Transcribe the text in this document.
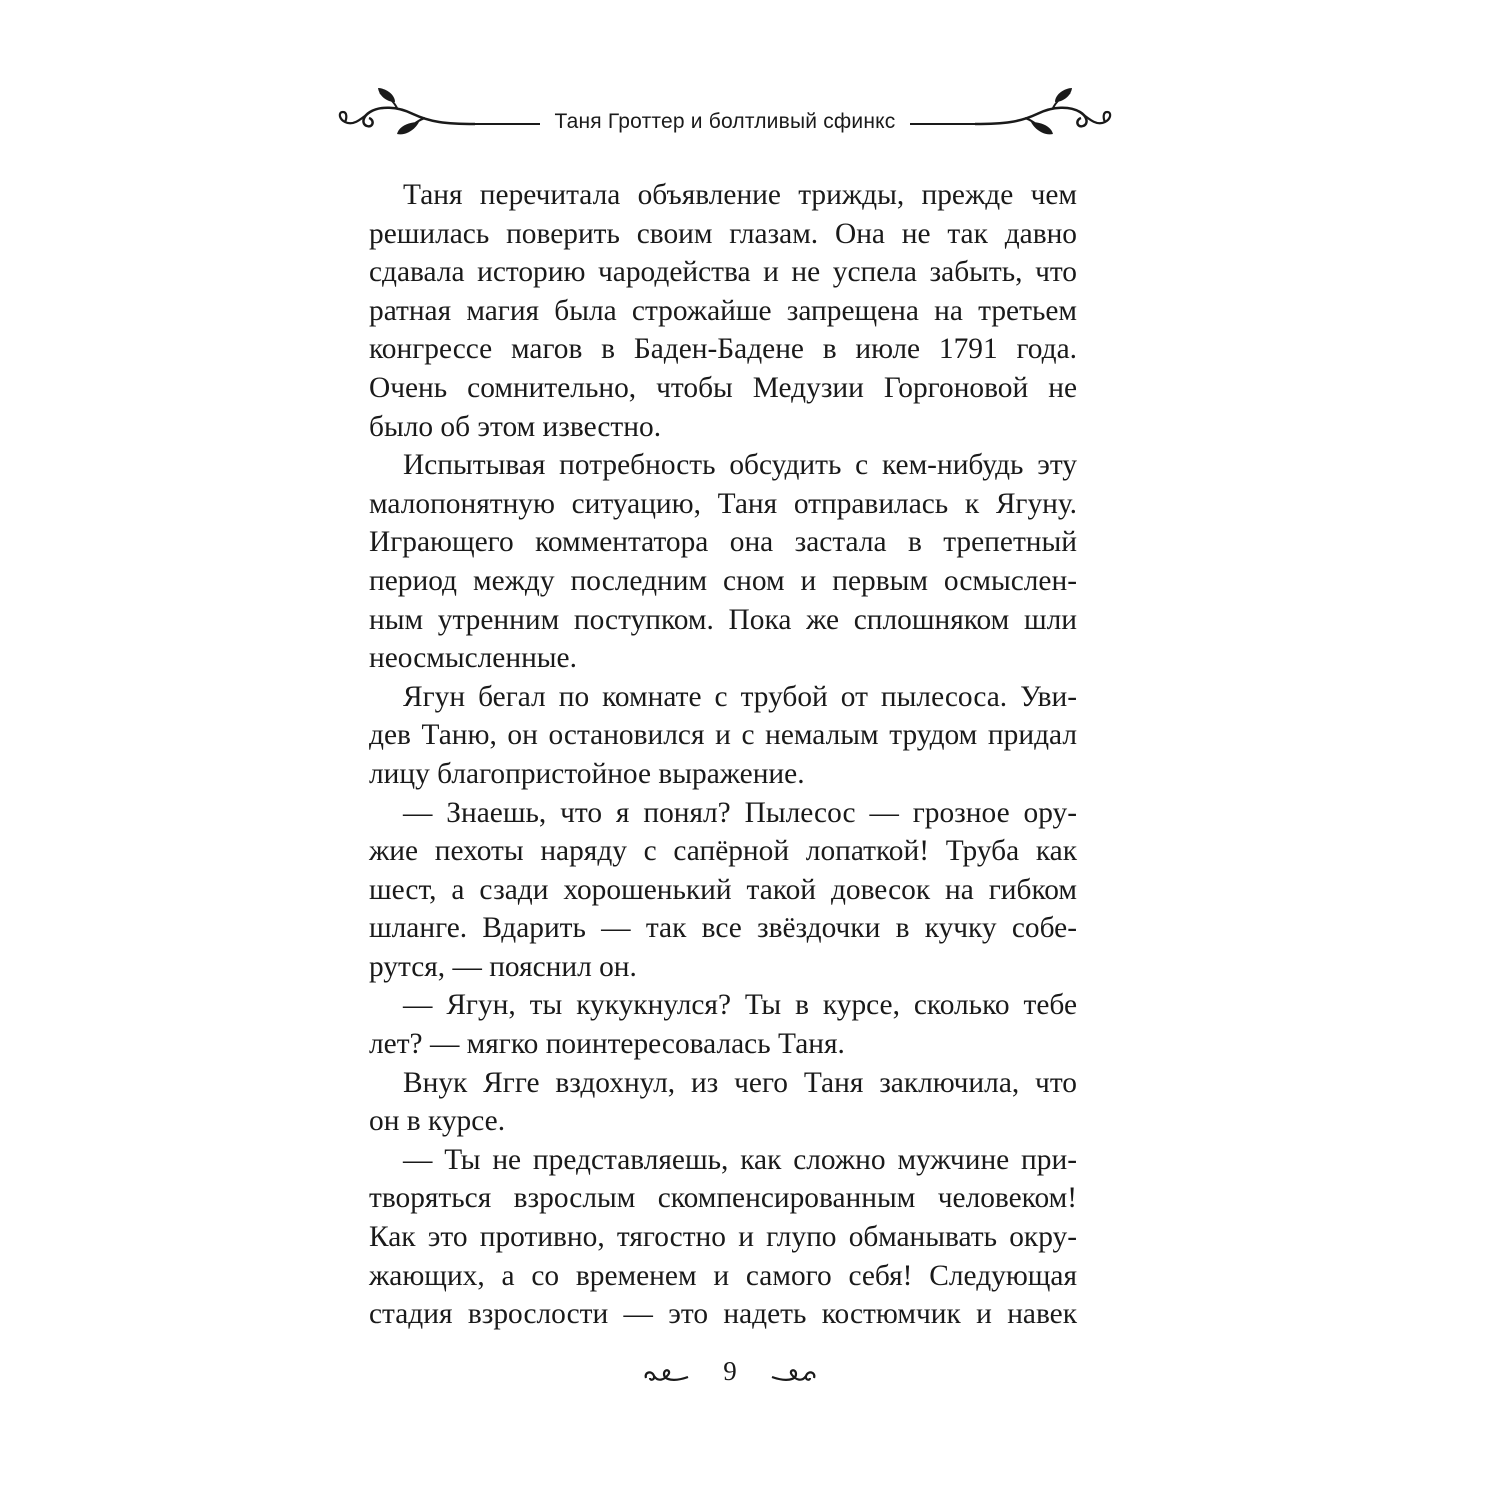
Таня Гроттер и болтливый сфинкс

Таня перечитала объявление трижды, прежде чем
решилась поверить своим глазам. Она не так давно
сдавала историю чародейства и не успела забыть, что
ратная магия была строжайше запрещена на третьем
конгрессе магов в Баден-Бадене в июле 1791 года.
Очень сомнительно, чтобы Медузии Горгоновой не
было об этом известно.

Испытывая потребность обсудить с кем-нибудь эту
малопонятную ситуацию, Таня отправилась к Ягуну.
Играющего комментатора она застала в трепетный
период между последним сном и первым осмыслен-
ным утренним поступком. Пока же сплошняком шли
неосмысленные.

Ягун бегал по комнате с трубой от пылесоса. Уви-
дев Таню, он остановился и с немалым трудом придал
лицу благопристойное выражение.

— Знаешь, что я понял? Пылесос — грозное ору-
жие пехоты наряду с сапёрной лопаткой! Труба как
шест, а сзади хорошенький такой довесок на гибком
шланге. Вдарить — так все звёздочки в кучку собе-
рутся, — пояснил он.

— Ягун, ты кукукнулся? Ты в курсе, сколько тебе
лет? — мягко поинтересовалась Таня.

Внук Ягге вздохнул, из чего Таня заключила, что
он в курсе.

— Ты не представляешь, как сложно мужчине при-
творяться взрослым скомпенсированным человеком!
Как это противно, тягостно и глупо обманывать окру-
жающих, а со временем и самого себя! Следующая
стадия взрослости — это надеть костюмчик и навек

9
